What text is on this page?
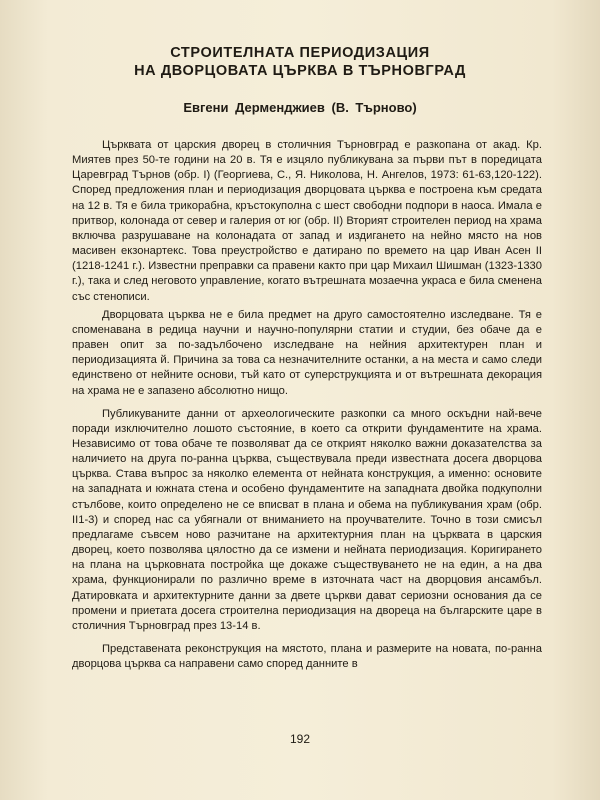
СТРОИТЕЛНАТА ПЕРИОДИЗАЦИЯ
НА ДВОРЦОВАТА ЦЪРКВА В ТЪРНОВГРАД
Евгени Дерменджиев (В. Търново)

Църквата от царския дворец в столичния Търновград е разкопана от акад. Кр. Миятев през 50-те години на 20 в. Тя е изцяло публикувана за първи път в поредицата Царевград Търнов (обр. I) (Георгиева, С., Я. Николова, Н. Ангелов, 1973: 61-63,120-122). Според предложения план и периодизация дворцовата църква е построена към средата на 12 в. Тя е била трикорабна, кръстокуполна с шест свободни подпори в наоса. Имала е притвор, колонада от север и галерия от юг (обр. II) Вторият строителен период на храма включва разрушаване на колонадата от запад и издигането на нейно място на нов масивен екзонартекс. Това преустройство е датирано по времето на цар Иван Асен II (1218-1241 г.). Известни преправки са правени както при цар Михаил Шишман (1323-1330 г.), така и след неговото управление, когато вътрешната мозаечна украса е била сменена със стенописи.

Дворцовата църква не е била предмет на друго самостоятелно изследване. Тя е споменавана в редица научни и научно-популярни статии и студии, без обаче да е правен опит за по-задълбочено изследване на нейния архитектурен план и периодизацията й. Причина за това са незначителните останки, а на места и само следи единствено от нейните основи, тъй като от суперструкцията и от вътрешната декорация на храма не е запазено абсолютно нищо.

Публикуваните данни от археологическите разкопки са много оскъдни най-вече поради изключително лошото състояние, в което са открити фундаментите на храма. Независимо от това обаче те позволяват да се открият няколко важни доказателства за наличието на друга по-ранна църква, съществувала преди известната досега дворцова църква. Става въпрос за няколко елемента от нейната конструкция, а именно: основите на западната и южната стена и особено фундаментите на западната двойка подкуполни стълбове, които определено не се вписват в плана и обема на публикувания храм (обр. II1-3) и според нас са убягнали от вниманието на проучвателите. Точно в този смисъл предлагаме съвсем ново разчитане на архитектурния план на църквата в царския дворец, което позволява цялостно да се измени и нейната периодизация. Коригирането на плана на църковната постройка ще докаже съществуването не на един, а на два храма, функционирали по различно време в източната част на дворцовия ансамбъл. Датировката и архитектурните данни за двете църкви дават сериозни основания да се промени и приетата досега строителна периодизация на двореца на българските царе в столичния Търновград през 13-14 в.

Представената реконструкция на мястото, плана и размерите на новата, по-ранна дворцова църква са направени само според данните в

192
